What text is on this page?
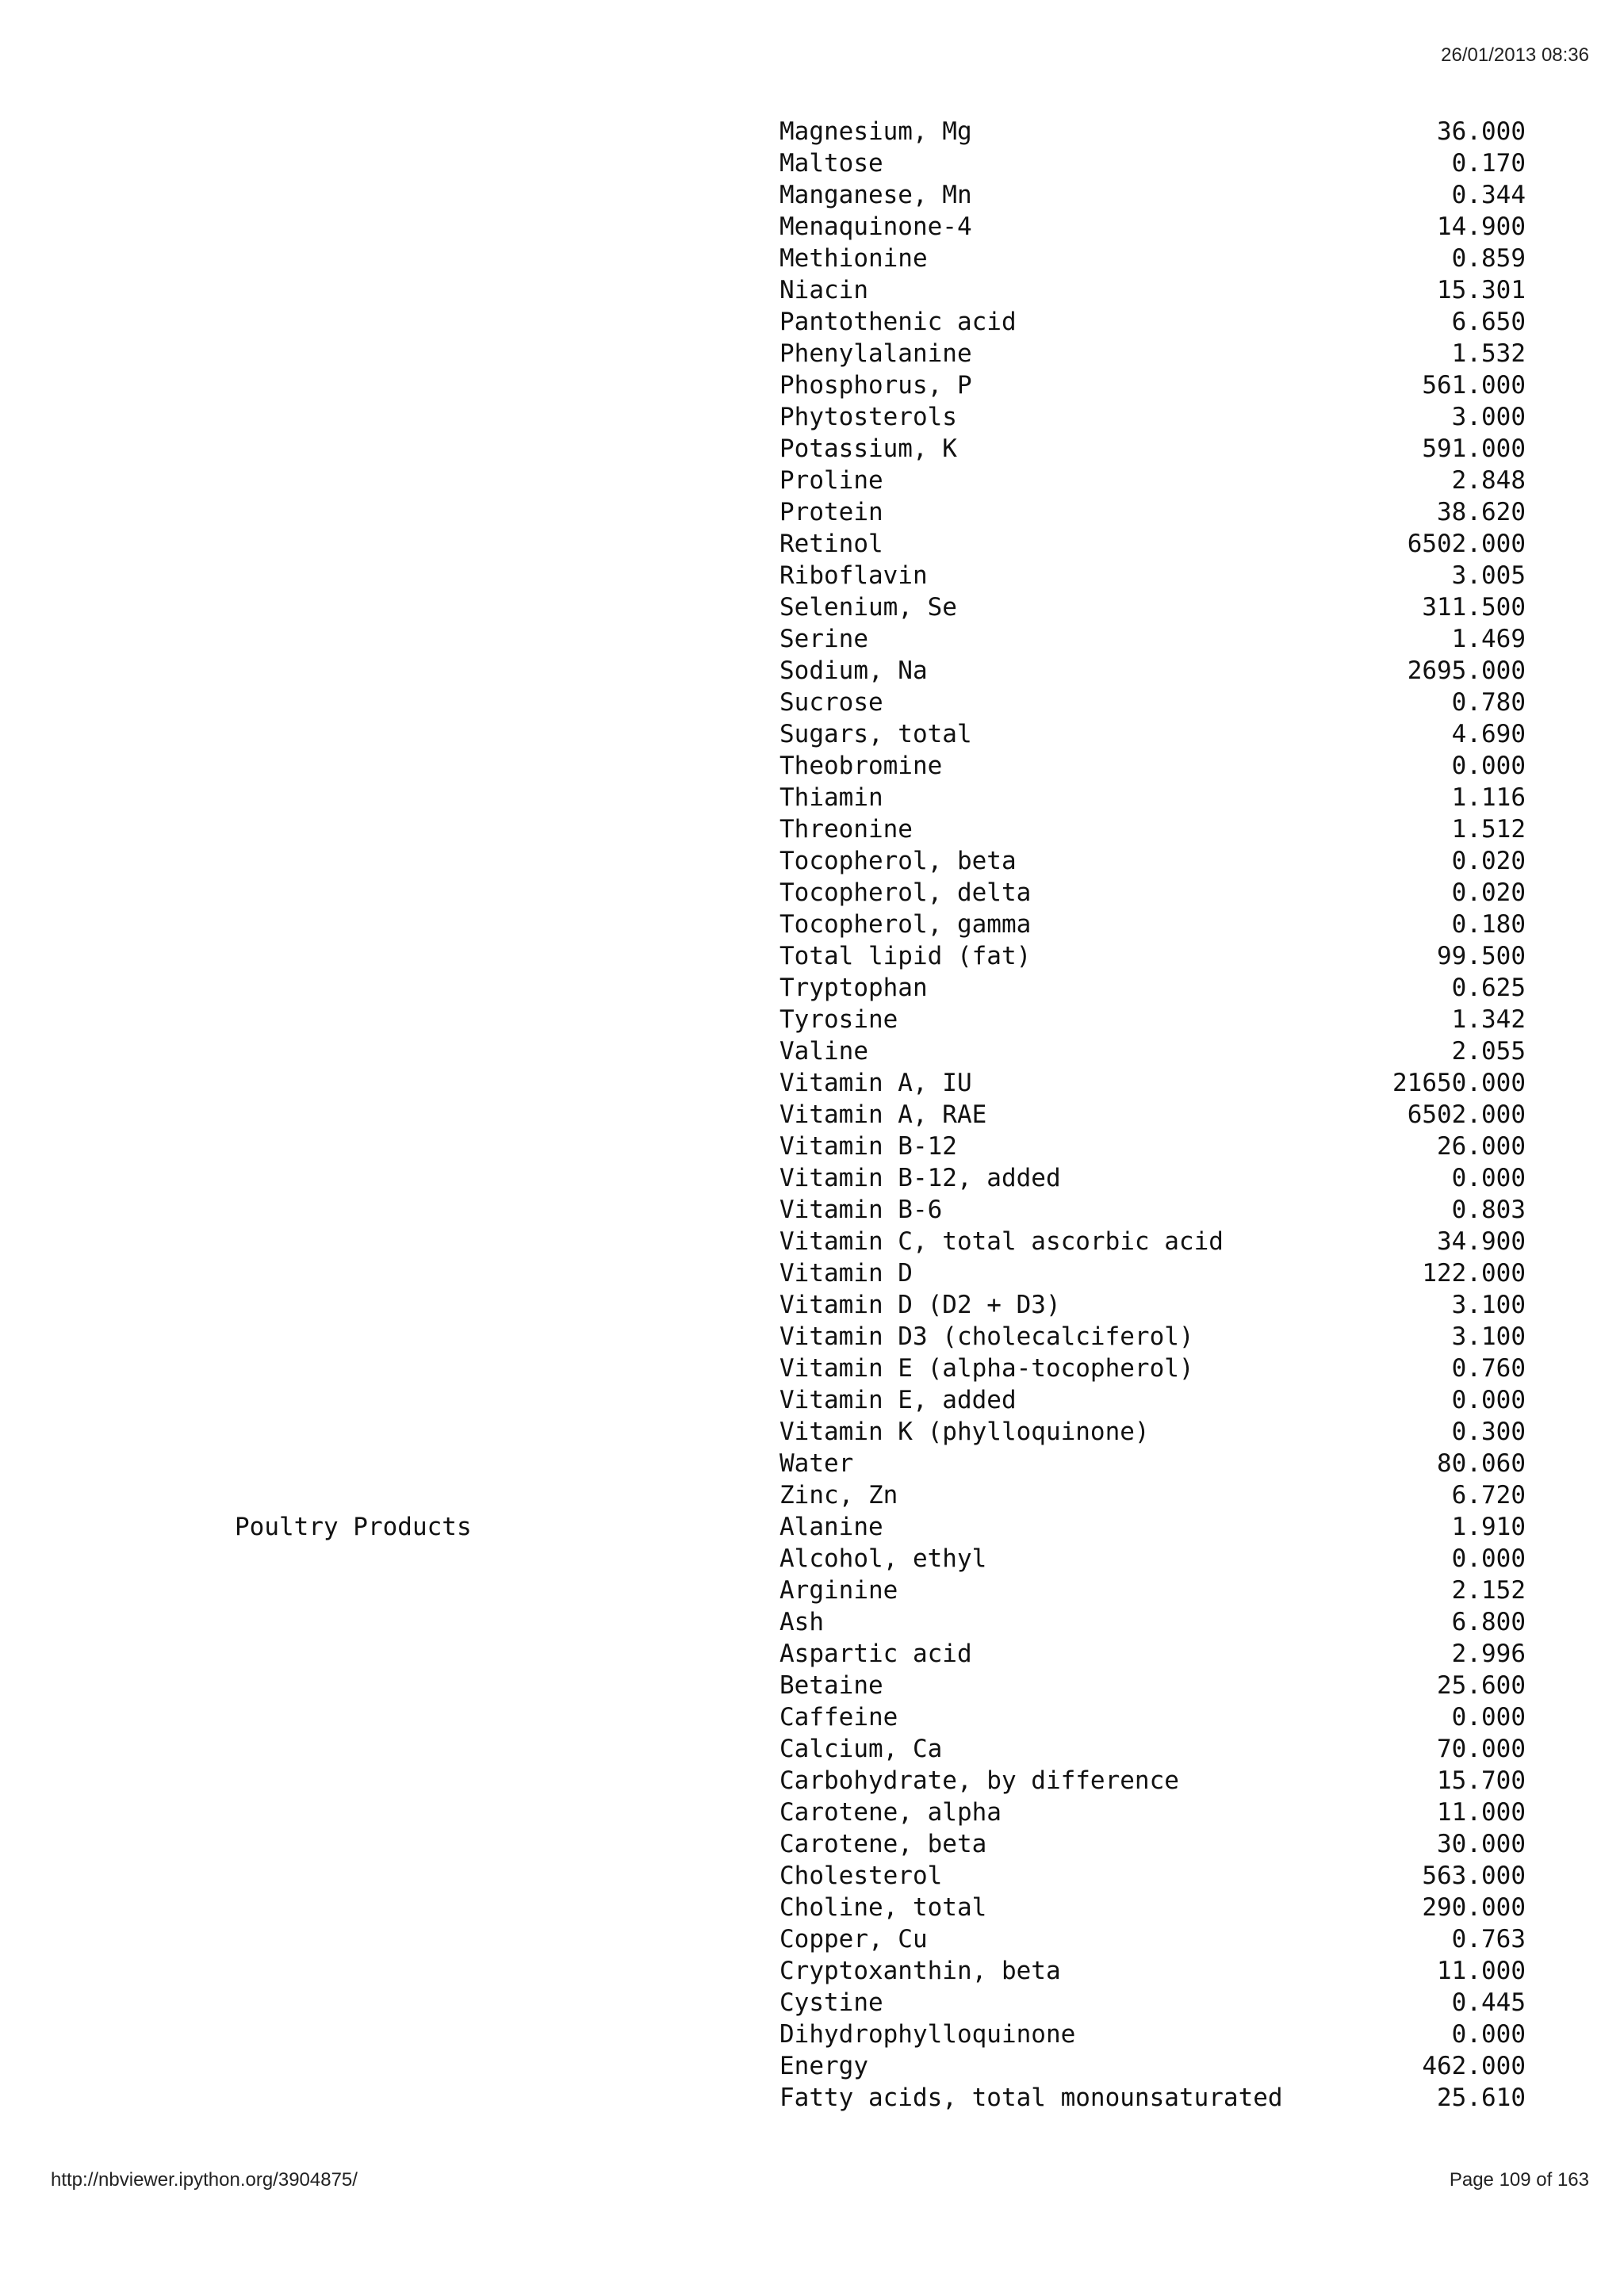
26/01/2013 08:36
Magnesium, Mg	36.000
Maltose	0.170
Manganese, Mn	0.344
Menaquinone-4	14.900
Methionine	0.859
Niacin	15.301
Pantothenic acid	6.650
Phenylalanine	1.532
Phosphorus, P	561.000
Phytosterols	3.000
Potassium, K	591.000
Proline	2.848
Protein	38.620
Retinol	6502.000
Riboflavin	3.005
Selenium, Se	311.500
Serine	1.469
Sodium, Na	2695.000
Sucrose	0.780
Sugars, total	4.690
Theobromine	0.000
Thiamin	1.116
Threonine	1.512
Tocopherol, beta	0.020
Tocopherol, delta	0.020
Tocopherol, gamma	0.180
Total lipid (fat)	99.500
Tryptophan	0.625
Tyrosine	1.342
Valine	2.055
Vitamin A, IU	21650.000
Vitamin A, RAE	6502.000
Vitamin B-12	26.000
Vitamin B-12, added	0.000
Vitamin B-6	0.803
Vitamin C, total ascorbic acid	34.900
Vitamin D	122.000
Vitamin D (D2 + D3)	3.100
Vitamin D3 (cholecalciferol)	3.100
Vitamin E (alpha-tocopherol)	0.760
Vitamin E, added	0.000
Vitamin K (phylloquinone)	0.300
Water	80.060
Zinc, Zn	6.720
Poultry Products	Alanine	1.910
Alcohol, ethyl	0.000
Arginine	2.152
Ash	6.800
Aspartic acid	2.996
Betaine	25.600
Caffeine	0.000
Calcium, Ca	70.000
Carbohydrate, by difference	15.700
Carotene, alpha	11.000
Carotene, beta	30.000
Cholesterol	563.000
Choline, total	290.000
Copper, Cu	0.763
Cryptoxanthin, beta	11.000
Cystine	0.445
Dihydrophylloquinone	0.000
Energy	462.000
Fatty acids, total monounsaturated	25.610
http://nbviewer.ipython.org/3904875/	Page 109 of 163
